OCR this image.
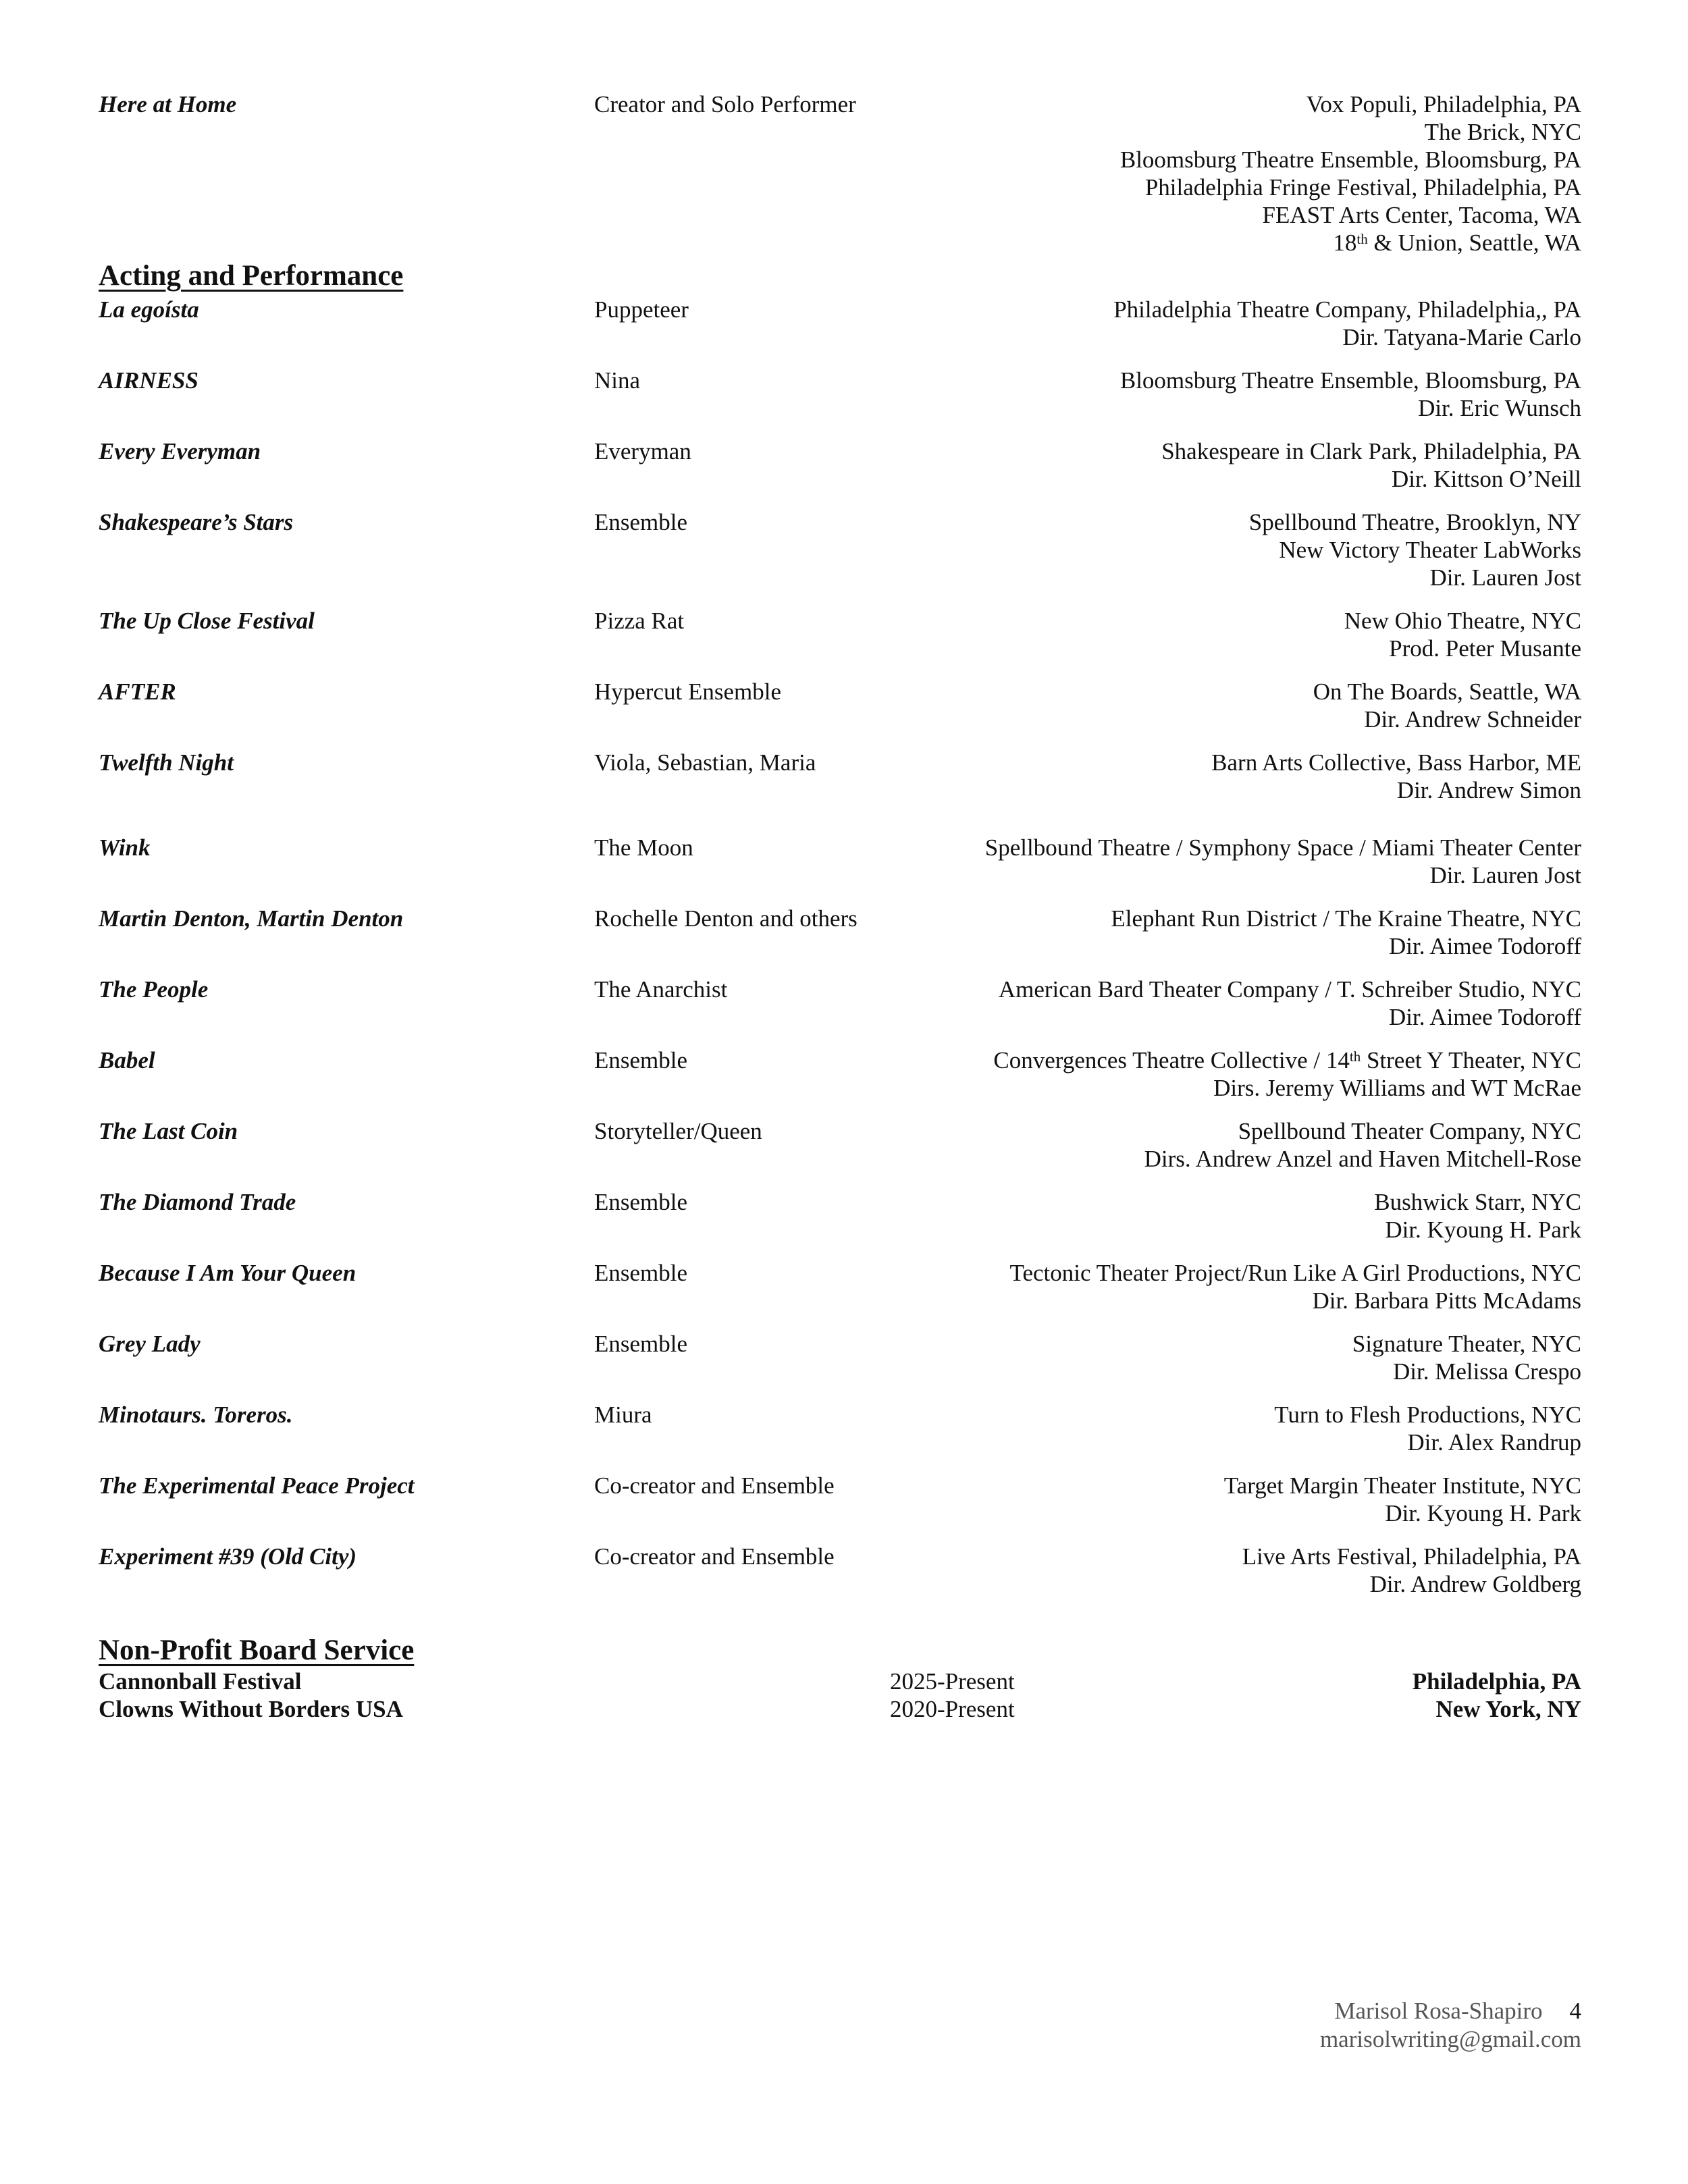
Here at Home	Creator and Solo Performer	Vox Populi, Philadelphia, PA
The Brick, NYC
Bloomsburg Theatre Ensemble, Bloomsburg, PA
Philadelphia Fringe Festival, Philadelphia, PA
FEAST Arts Center, Tacoma, WA
18th & Union, Seattle, WA
Acting and Performance
La egoísta	Puppeteer	Philadelphia Theatre Company, Philadelphia,, PA
Dir. Tatyana-Marie Carlo
AIRNESS	Nina	Bloomsburg Theatre Ensemble, Bloomsburg, PA
Dir. Eric Wunsch
Every Everyman	Everyman	Shakespeare in Clark Park, Philadelphia, PA
Dir. Kittson O’Neill
Shakespeare’s Stars	Ensemble	Spellbound Theatre, Brooklyn, NY
New Victory Theater LabWorks
Dir. Lauren Jost
The Up Close Festival	Pizza Rat	New Ohio Theatre, NYC
Prod. Peter Musante
AFTER	Hypercut Ensemble	On The Boards, Seattle, WA
Dir. Andrew Schneider
Twelfth Night	Viola, Sebastian, Maria	Barn Arts Collective, Bass Harbor, ME
Dir. Andrew Simon
Wink	The Moon	Spellbound Theatre / Symphony Space / Miami Theater Center
Dir. Lauren Jost
Martin Denton, Martin Denton	Rochelle Denton and others	Elephant Run District / The Kraine Theatre, NYC
Dir. Aimee Todoroff
The People	The Anarchist	American Bard Theater Company / T. Schreiber Studio, NYC
Dir. Aimee Todoroff
Babel	Ensemble	Convergences Theatre Collective / 14th Street Y Theater, NYC
Dirs. Jeremy Williams and WT McRae
The Last Coin	Storyteller/Queen	Spellbound Theater Company, NYC
Dirs. Andrew Anzel and Haven Mitchell-Rose
The Diamond Trade	Ensemble	Bushwick Starr, NYC
Dir. Kyoung H. Park
Because I Am Your Queen	Ensemble	Tectonic Theater Project/Run Like A Girl Productions, NYC
Dir. Barbara Pitts McAdams
Grey Lady	Ensemble	Signature Theater, NYC
Dir. Melissa Crespo
Minotaurs. Toreros.	Miura	Turn to Flesh Productions, NYC
Dir. Alex Randrup
The Experimental Peace Project	Co-creator and Ensemble	Target Margin Theater Institute, NYC
Dir. Kyoung H. Park
Experiment #39 (Old City)	Co-creator and Ensemble	Live Arts Festival, Philadelphia, PA
Dir. Andrew Goldberg
Non-Profit Board Service
Cannonball Festival	2025-Present	Philadelphia, PA
Clowns Without Borders USA	2020-Present	New York, NY
Marisol Rosa-Shapiro 4
marisolwriting@gmail.com
